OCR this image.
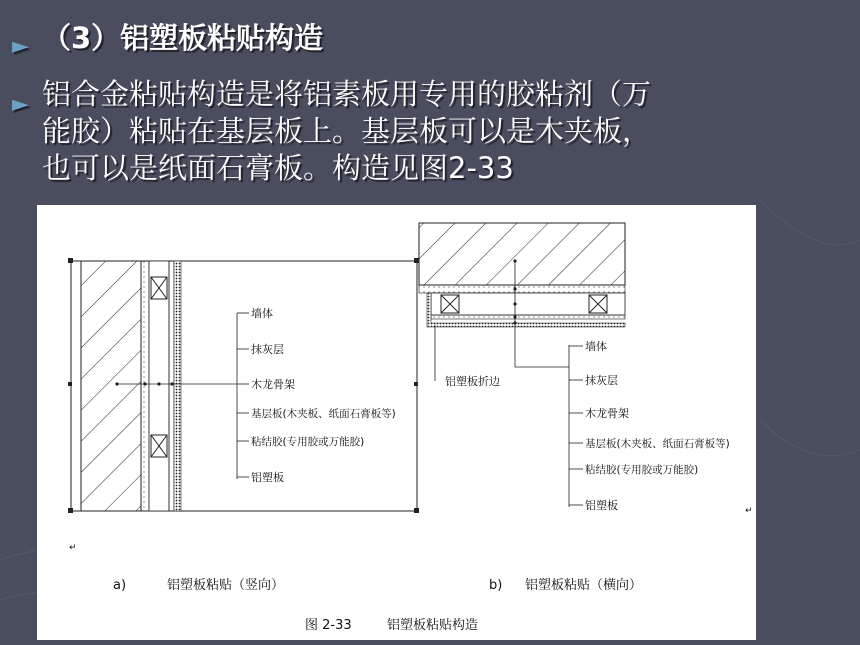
► （3）铝塑板粘贴构造
► 铝合金粘贴构造是将铝素板用专用的胶粘剂（万
能胶）粘贴在基层板上。基层板可以是木夹板，
也可以是纸面石膏板。构造见图2-33
墙体
抹灰层
木龙骨架
基层板(木夹板、纸面石膏板等)
粘结胶(专用胶或万能胶)
铝塑板
铝塑板折边
墙体
抹灰层
木龙骨架
基层板(木夹板、纸面石膏板等)
粘结胶(专用胶或万能胶)
铝塑板	↵
↵
a)	铝塑板粘贴（竖向）	b) 铝塑板粘贴（横向）
图 2-33	铝塑板粘贴构造
